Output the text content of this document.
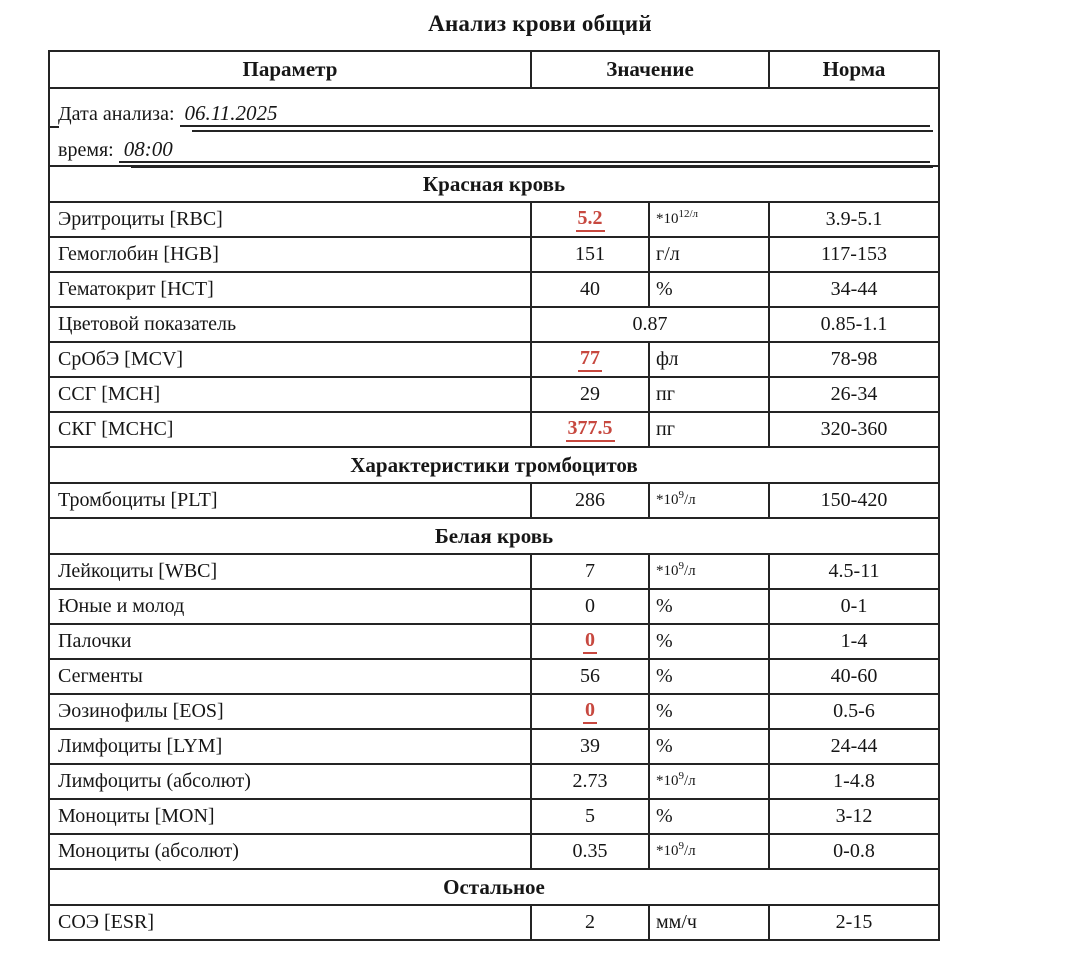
Анализ крови общий
Параметр	Значение		Норма

Дата анализа: 06.11.2025
время: 08:00			

Красная кровь			
Эритроциты [RBC]	5.2	$*10^{12/л}$	3.9-5.1
Гемоглобин [HGB]	151	г/л	117-153
Гематокрит [HCT]	40	%	34-44
Цветовой показатель	0.87		0.85-1.1
СрОбЭ [MCV]	77	фл	78-98
ССГ [MCH]	29	пг	26-34
СКГ [MCHC]	377.5	пг	320-360
Характеристики тромбоцитов			
Тромбоциты [PLT]	286	$*10^9/л$	150-420
Белая кровь			
Лейкоциты [WBC]	7	$*10^9/л$	4.5-11
Юные и молод	0	%	0-1
Палочки	0	%	1-4
Сегменты	56	%	40-60
Эозинофилы [EOS]	0	%	0.5-6
Лимфоциты [LYM]	39	%	24-44
Лимфоциты (абсолют)	2.73	$*10^9/л$	1-4.8
Моноциты [MON]	5	%	3-12
Моноциты (абсолют)	0.35	$*10^9/л$	0-0.8
Остальное			
СОЭ [ESR]	2	мм/ч	2-15
